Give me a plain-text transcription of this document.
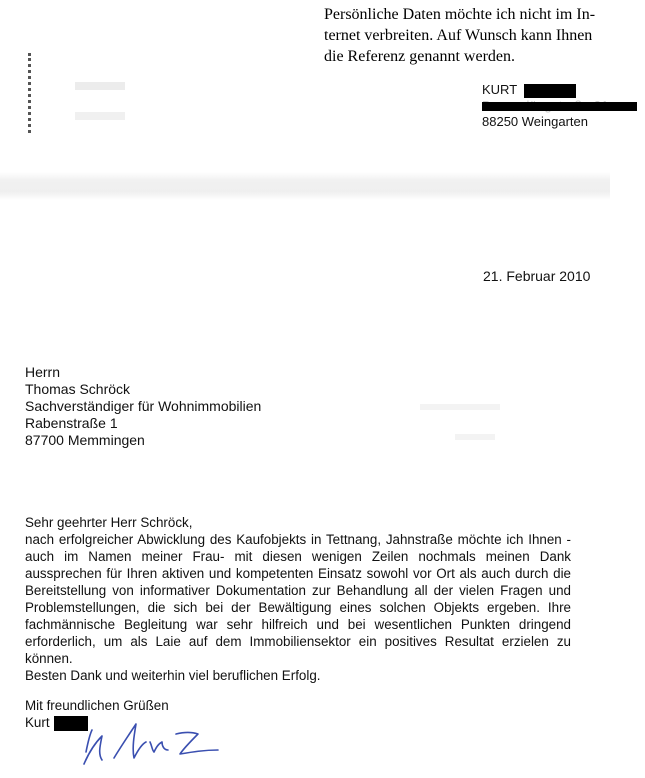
Persönliche Daten möchte ich nicht im In-
ternet verbreiten. Auf Wunsch kann Ihnen
die Referenz genannt werden.
KURT
88250 Weingarten
21. Februar 2010
Herrn
Thomas Schröck
Sachverständiger für Wohnimmobilien
Rabenstraße 1
87700 Memmingen
Sehr geehrter Herr Schröck,
nach erfolgreicher Abwicklung des Kaufobjekts in Tettnang, Jahnstraße möchte ich Ihnen -auch im Namen meiner Frau- mit diesen wenigen Zeilen nochmals meinen Dank aussprechen für Ihren aktiven und kompetenten Einsatz sowohl vor Ort als auch durch die Bereitstellung von informativer Dokumentation zur Behandlung all der vielen Fragen und Problemstellungen, die sich bei der Bewältigung eines solchen Objekts ergeben. Ihre fachmännische Begleitung war sehr hilfreich und bei wesentlichen Punkten dringend erforderlich, um als Laie auf dem Immobiliensektor ein positives Resultat erzielen zu können.
Besten Dank und weiterhin viel beruflichen Erfolg.
Mit freundlichen Grüßen
Kurt
